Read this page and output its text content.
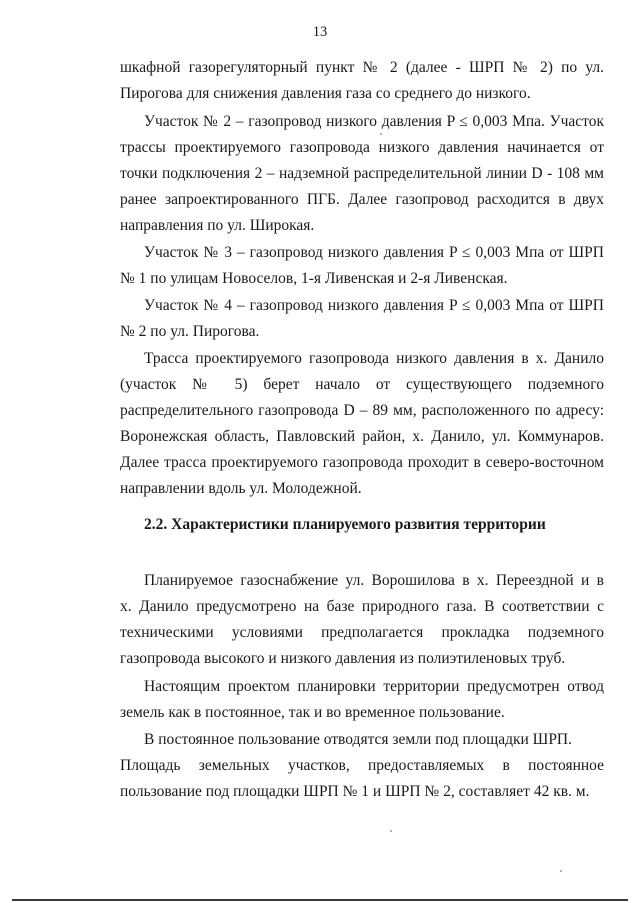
13
шкафной газорегуляторный пункт № 2 (далее - ШРП № 2) по ул.
Пирогова для снижения давления газа со среднего до низкого.
Участок № 2 – газопровод низкого давления P ≤ 0,003 Мпа. Участок
трассы проектируемого газопровода низкого давления начинается от
точки подключения 2 – надземной распределительной линии D - 108 мм
ранее запроектированного ПГБ. Далее газопровод расходится в двух
направления по ул. Широкая.
Участок № 3 – газопровод низкого давления P ≤ 0,003 Мпа от ШРП
№ 1 по улицам Новоселов, 1-я Ливенская и 2-я Ливенская.
Участок № 4 – газопровод низкого давления P ≤ 0,003 Мпа от ШРП
№ 2 по ул. Пирогова.
Трасса проектируемого газопровода низкого давления в х. Данило
(участок № 5) берет начало от существующего подземного
распределительного газопровода D – 89 мм, расположенного по адресу:
Воронежская область, Павловский район, х. Данило, ул. Коммунаров.
Далее трасса проектируемого газопровода проходит в северо-восточном
направлении вдоль ул. Молодежной.
2.2. Характеристики планируемого развития территории
Планируемое газоснабжение ул. Ворошилова в х. Переездной и в
х. Данило предусмотрено на базе природного газа. В соответствии с
техническими условиями предполагается прокладка подземного
газопровода высокого и низкого давления из полиэтиленовых труб.
Настоящим проектом планировки территории предусмотрен отвод
земель как в постоянное, так и во временное пользование.
В постоянное пользование отводятся земли под площадки ШРП.
Площадь земельных участков, предоставляемых в постоянное
пользование под площадки ШРП № 1 и ШРП № 2, составляет 42 кв. м.
